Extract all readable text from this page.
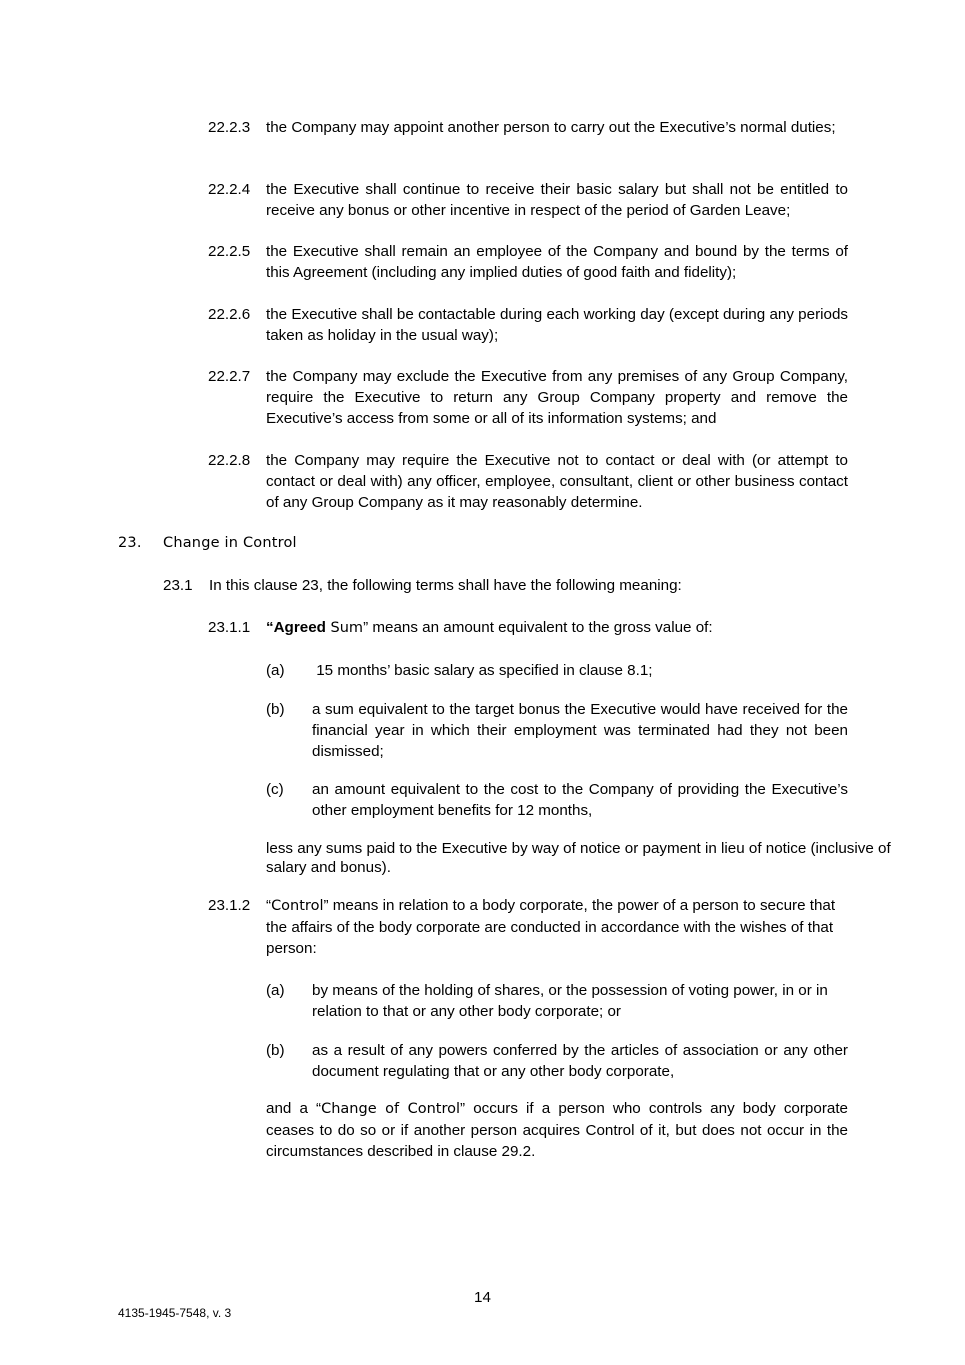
22.2.3 the Company may appoint another person to carry out the Executive’s normal duties;
22.2.4 the Executive shall continue to receive their basic salary but shall not be entitled to receive any bonus or other incentive in respect of the period of Garden Leave;
22.2.5 the Executive shall remain an employee of the Company and bound by the terms of this Agreement (including any implied duties of good faith and fidelity);
22.2.6 the Executive shall be contactable during each working day (except during any periods taken as holiday in the usual way);
22.2.7 the Company may exclude the Executive from any premises of any Group Company, require the Executive to return any Group Company property and remove the Executive’s access from some or all of its information systems; and
22.2.8 the Company may require the Executive not to contact or deal with (or attempt to contact or deal with) any officer, employee, consultant, client or other business contact of any Group Company as it may reasonably determine.
23. Change in Control
23.1 In this clause 23, the following terms shall have the following meaning:
23.1.1 “Agreed Sum” means an amount equivalent to the gross value of:
(a) 15 months’ basic salary as specified in clause 8.1;
(b) a sum equivalent to the target bonus the Executive would have received for the financial year in which their employment was terminated had they not been dismissed;
(c) an amount equivalent to the cost to the Company of providing the Executive’s other employment benefits for 12 months,
less any sums paid to the Executive by way of notice or payment in lieu of notice (inclusive of salary and bonus).
23.1.2 “Control” means in relation to a body corporate, the power of a person to secure that the affairs of the body corporate are conducted in accordance with the wishes of that person:
(a) by means of the holding of shares, or the possession of voting power, in or in relation to that or any other body corporate; or
(b) as a result of any powers conferred by the articles of association or any other document regulating that or any other body corporate,
and a “Change of Control” occurs if a person who controls any body corporate ceases to do so or if another person acquires Control of it, but does not occur in the circumstances described in clause 29.2.
14
4135-1945-7548, v. 3
